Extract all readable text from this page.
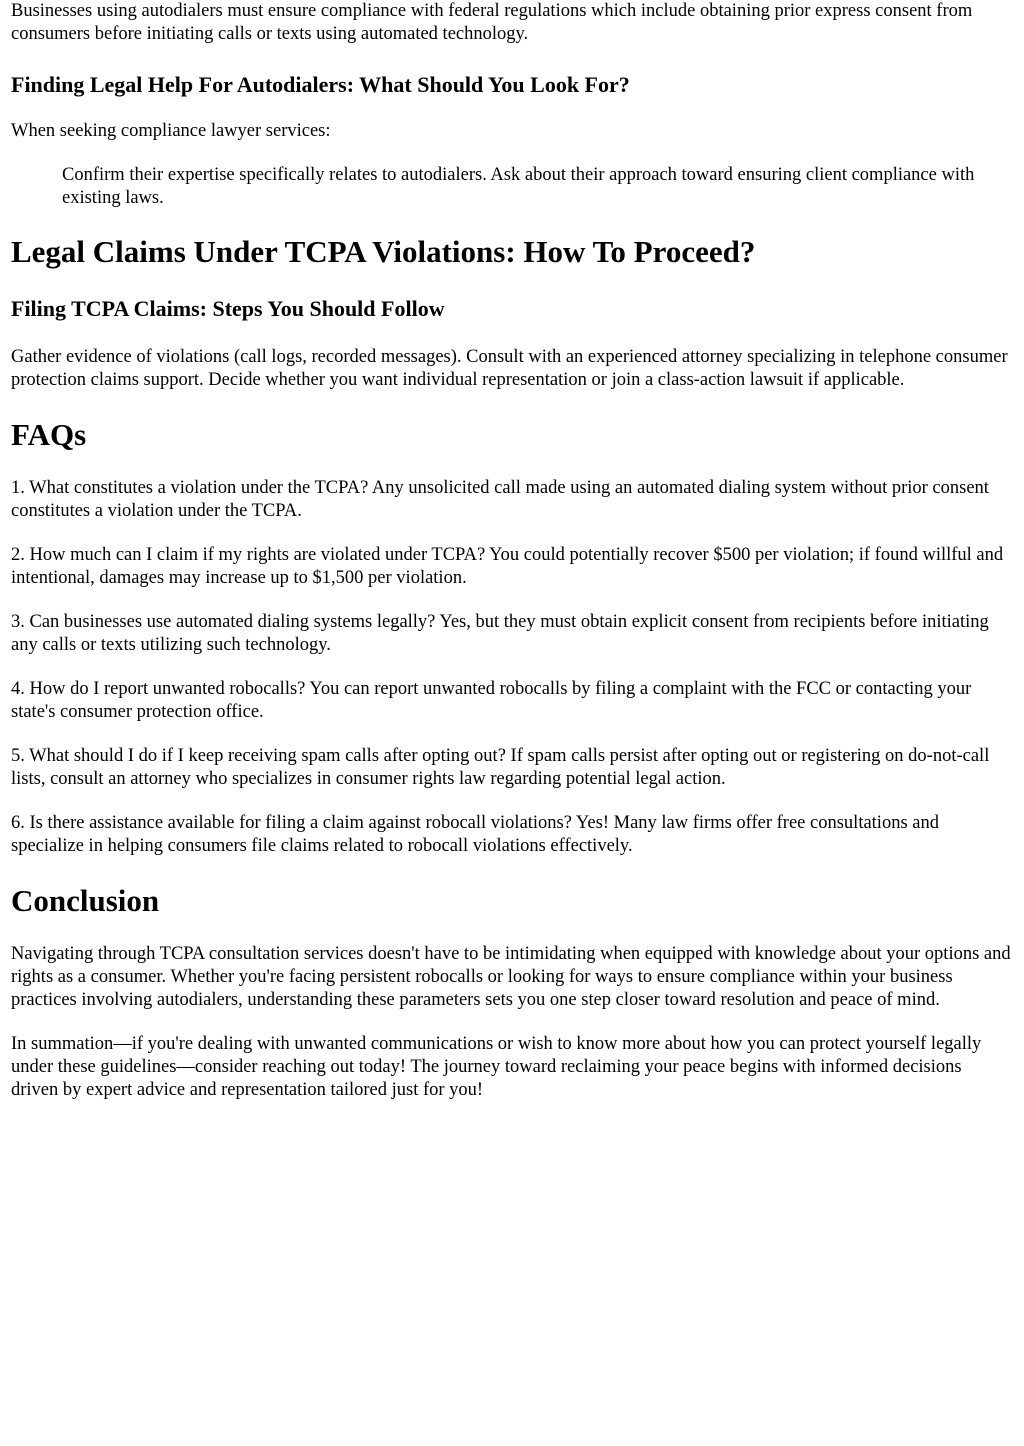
Businesses using autodialers must ensure compliance with federal regulations which include obtaining prior express consent from consumers before initiating calls or texts using automated technology.

Finding Legal Help For Autodialers: What Should You Look For?

When seeking compliance lawyer services:

Confirm their expertise specifically relates to autodialers. Ask about their approach toward ensuring client compliance with existing laws.
Legal Claims Under TCPA Violations: How To Proceed?
Filing TCPA Claims: Steps You Should Follow

Gather evidence of violations (call logs, recorded messages). Consult with an experienced attorney specializing in telephone consumer protection claims support. Decide whether you want individual representation or join a class-action lawsuit if applicable.

FAQs

1. What constitutes a violation under the TCPA? Any unsolicited call made using an automated dialing system without prior consent constitutes a violation under the TCPA.

2. How much can I claim if my rights are violated under TCPA? You could potentially recover $500 per violation; if found willful and intentional, damages may increase up to $1,500 per violation.

3. Can businesses use automated dialing systems legally? Yes, but they must obtain explicit consent from recipients before initiating any calls or texts utilizing such technology.

4. How do I report unwanted robocalls? You can report unwanted robocalls by filing a complaint with the FCC or contacting your state's consumer protection office.

5. What should I do if I keep receiving spam calls after opting out? If spam calls persist after opting out or registering on do-not-call lists, consult an attorney who specializes in consumer rights law regarding potential legal action.

6. Is there assistance available for filing a claim against robocall violations? Yes! Many law firms offer free consultations and specialize in helping consumers file claims related to robocall violations effectively.

Conclusion

Navigating through TCPA consultation services doesn't have to be intimidating when equipped with knowledge about your options and rights as a consumer. Whether you're facing persistent robocalls or looking for ways to ensure compliance within your business practices involving autodialers, understanding these parameters sets you one step closer toward resolution and peace of mind.

In summation—if you're dealing with unwanted communications or wish to know more about how you can protect yourself legally under these guidelines—consider reaching out today! The journey toward reclaiming your peace begins with informed decisions driven by expert advice and representation tailored just for you!
